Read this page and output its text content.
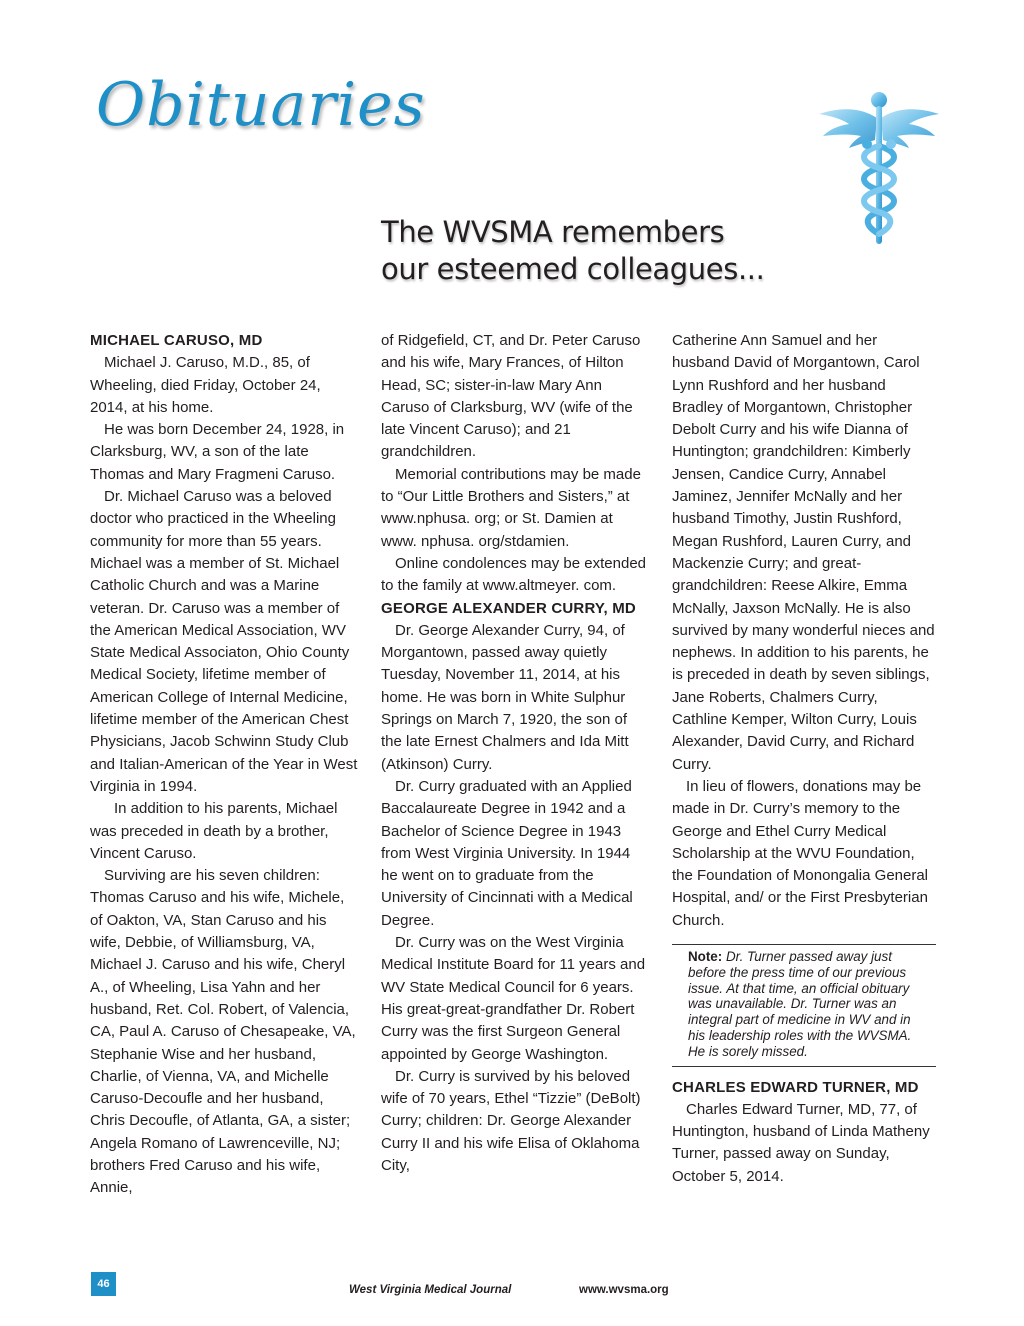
Obituaries
The WVSMA remembers
our esteemed colleagues...

MICHAEL CARUSO, MD

Michael J. Caruso, M.D., 85, of Wheeling, died Friday, October 24, 2014, at his home.

He was born December 24, 1928, in Clarksburg, WV, a son of the late Thomas and Mary Fragmeni Caruso.

Dr. Michael Caruso was a beloved doctor who practiced in the Wheeling community for more than 55 years. Michael was a member of St. Michael Catholic Church and was a Marine veteran. Dr. Caruso was a member of the American Medical Association, WV State Medical Associaton, Ohio County Medical Society, lifetime member of American College of Internal Medicine, lifetime member of the American Chest Physicians, Jacob Schwinn Study Club and Italian-American of the Year in West Virginia in 1994.

In addition to his parents, Michael was preceded in death by a brother, Vincent Caruso.

Surviving are his seven children: Thomas Caruso and his wife, Michele, of Oakton, VA, Stan Caruso and his wife, Debbie, of Williamsburg, VA, Michael J. Caruso and his wife, Cheryl A., of Wheeling, Lisa Yahn and her husband, Ret. Col. Robert, of Valencia, CA, Paul A. Caruso of Chesapeake, VA, Stephanie Wise and her husband, Charlie, of Vienna, VA, and Michelle Caruso-Decoufle and her husband, Chris Decoufle, of Atlanta, GA, a sister; Angela Romano of Lawrenceville, NJ; brothers Fred Caruso and his wife, Annie,

of Ridgefield, CT, and Dr. Peter Caruso and his wife, Mary Frances, of Hilton Head, SC; sister-in-law Mary Ann Caruso of Clarksburg, WV (wife of the late Vincent Caruso); and 21 grandchildren.

Memorial contributions may be made to “Our Little Brothers and Sisters,” at www.nphusa. org; or St. Damien at www. nphusa. org/stdamien.

Online condolences may be extended to the family at www.altmeyer. com.

GEORGE ALEXANDER CURRY, MD

Dr. George Alexander Curry, 94, of Morgantown, passed away quietly Tuesday, November 11, 2014, at his home. He was born in White Sulphur Springs on March 7, 1920, the son of the late Ernest Chalmers and Ida Mitt (Atkinson) Curry.

Dr. Curry graduated with an Applied Baccalaureate Degree in 1942 and a Bachelor of Science Degree in 1943 from West Virginia University. In 1944 he went on to graduate from the University of Cincinnati with a Medical Degree.

Dr. Curry was on the West Virginia Medical Institute Board for 11 years and WV State Medical Council for 6 years. His great-great-grandfather Dr. Robert Curry was the first Surgeon General appointed by George Washington.

Dr. Curry is survived by his beloved wife of 70 years, Ethel “Tizzie” (DeBolt) Curry; children: Dr. George Alexander Curry II and his wife Elisa of Oklahoma City,

Catherine Ann Samuel and her husband David of Morgantown, Carol Lynn Rushford and her husband Bradley of Morgantown, Christopher Debolt Curry and his wife Dianna of Huntington; grandchildren: Kimberly Jensen, Candice Curry, Annabel Jaminez, Jennifer McNally and her husband Timothy, Justin Rushford, Megan Rushford, Lauren Curry, and Mackenzie Curry; and great-grandchildren: Reese Alkire, Emma McNally, Jaxson McNally. He is also survived by many wonderful nieces and nephews. In addition to his parents, he is preceded in death by seven siblings, Jane Roberts, Chalmers Curry, Cathline Kemper, Wilton Curry, Louis Alexander, David Curry, and Richard Curry.

In lieu of flowers, donations may be made in Dr. Curry’s memory to the George and Ethel Curry Medical Scholarship at the WVU Foundation, the Foundation of Monongalia General Hospital, and/ or the First Presbyterian Church.

Note: Dr. Turner passed away just before the press time of our previous issue. At that time, an official obituary was unavailable. Dr. Turner was an integral part of medicine in WV and in his leadership roles with the WVSMA. He is sorely missed.

CHARLES EDWARD TURNER, MD

Charles Edward Turner, MD, 77, of Huntington, husband of Linda Matheny Turner, passed away on Sunday, October 5, 2014.

46	West Virginia Medical Journal	www.wvsma.org
